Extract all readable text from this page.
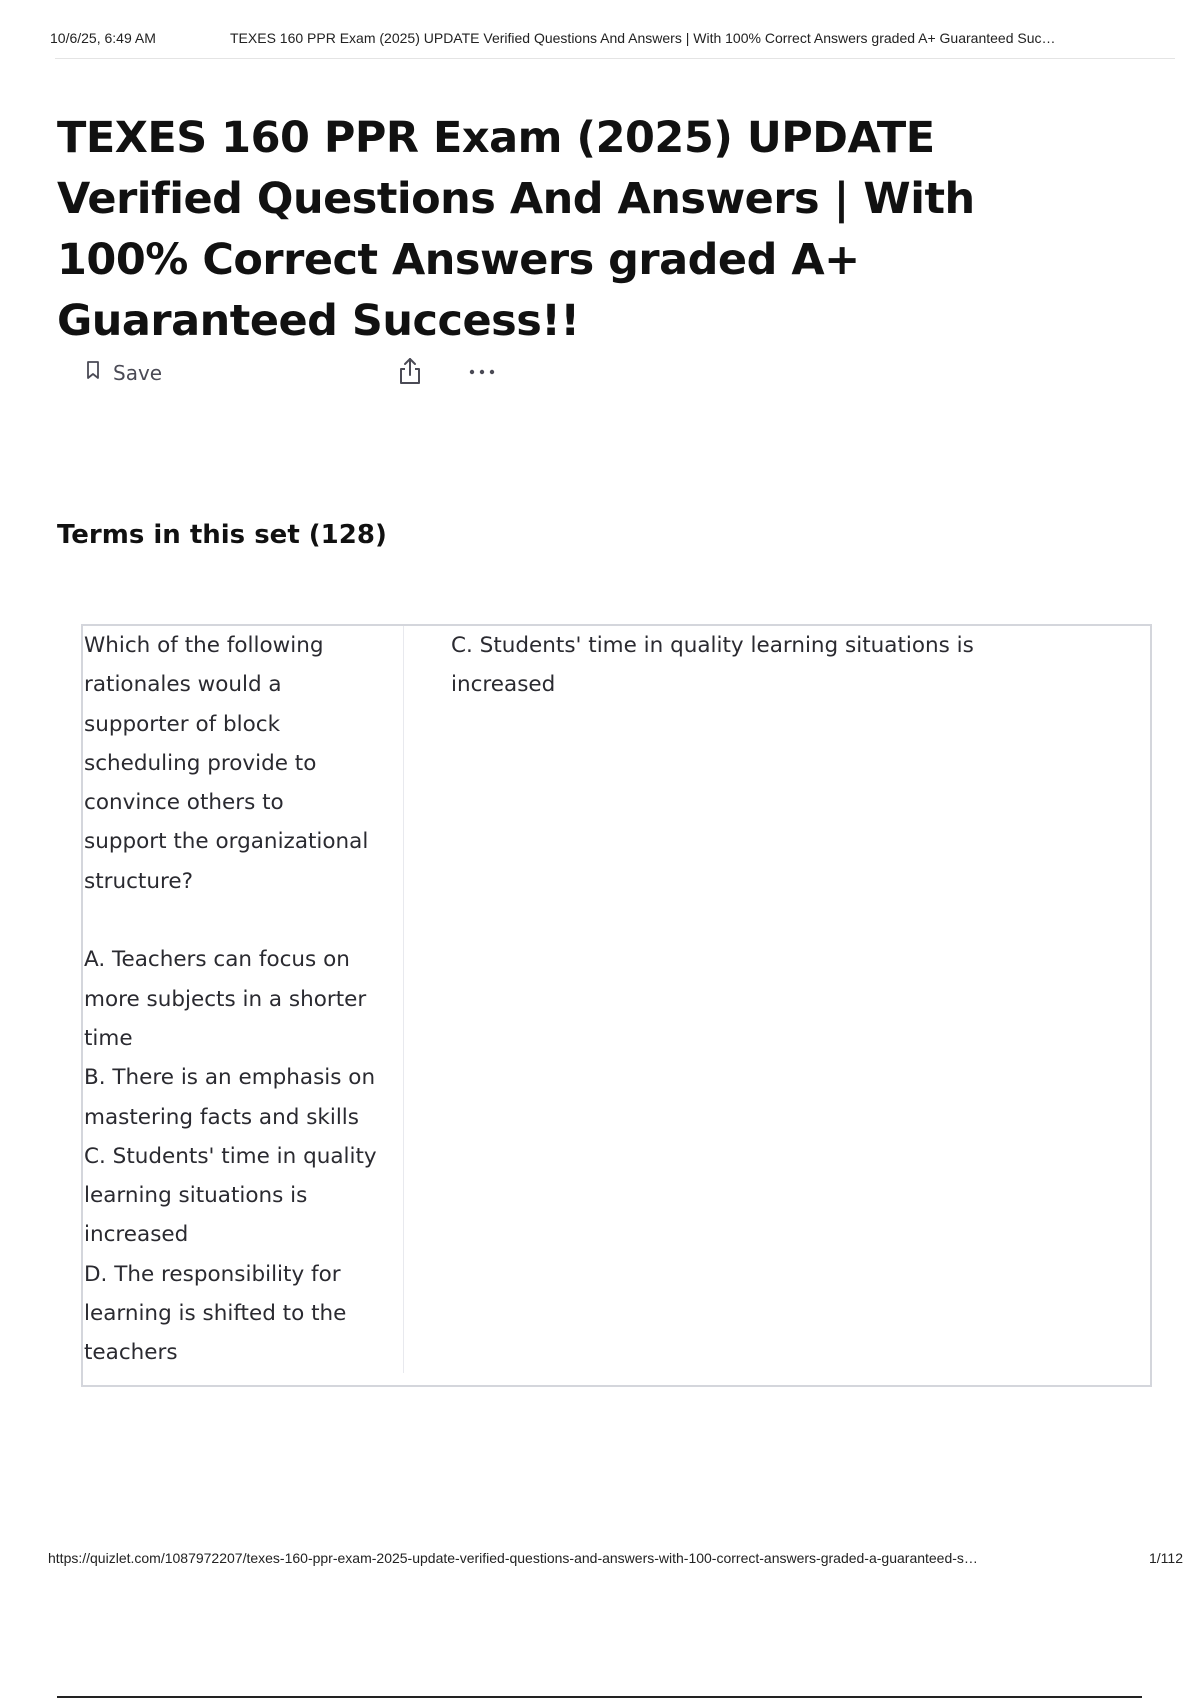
10/6/25, 6:49 AM	TEXES 160 PPR Exam (2025) UPDATE Verified Questions And Answers | With 100% Correct Answers graded A+ Guaranteed Suc…
TEXES 160 PPR Exam (2025) UPDATE Verified Questions And Answers | With 100% Correct Answers graded A+ Guaranteed Success!!
Save
Terms in this set (128)
Which of the following
rationales would a
supporter of block
scheduling provide to
convince others to
support the organizational
structure?

A. Teachers can focus on
more subjects in a shorter
time
B. There is an emphasis on
mastering facts and skills
C. Students' time in quality
learning situations is
increased
D. The responsibility for
learning is shifted to the
teachers
C. Students' time in quality learning situations is
increased
https://quizlet.com/1087972207/texes-160-ppr-exam-2025-update-verified-questions-and-answers-with-100-correct-answers-graded-a-guaranteed-s…	1/112
